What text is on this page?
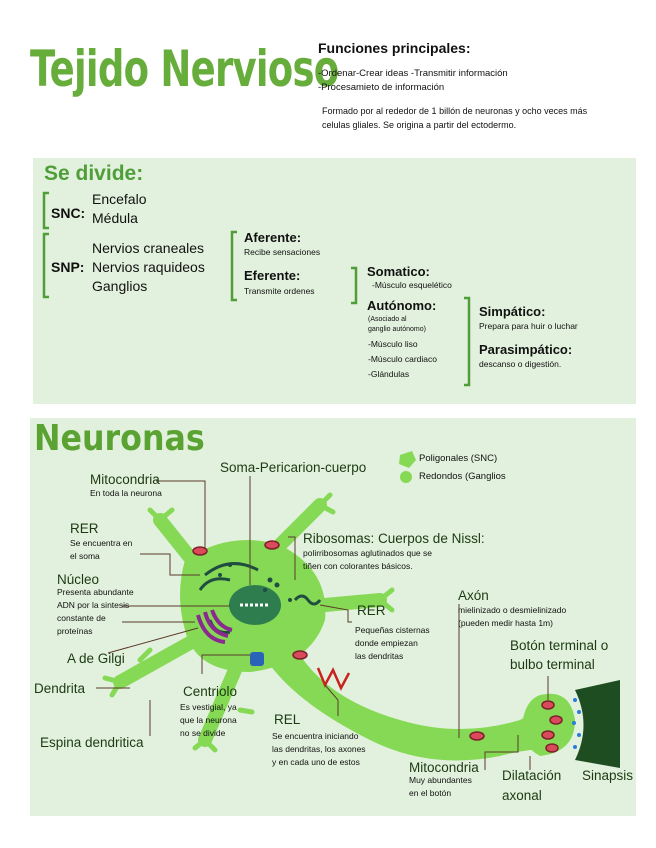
Tejido Nervioso
Funciones principales:
-Ordenar-Crear ideas -Transmitir información
-Procesamieto de información
Formado por al rededor de 1 billón de neuronas y ocho veces más celulas gliales. Se origina a partir del ectodermo.
Se divide:
SNC:
Encefalo
Médula
SNP:
Nervios craneales
Nervios raquideos
Ganglios
Aferente:
Recibe sensaciones
Eferente:
Transmite ordenes
Somatico:
-Músculo esquelético
Autónomo:
(Asociado al
ganglio autónomo)
-Músculo liso
-Músculo cardiaco
-Glándulas
Simpático:
Prepara para huir o luchar
Parasimpático:
descanso o digestión.
Neuronas	Poligonales (SNC)
Redondos (Ganglios
Soma-Pericarion-cuerpo
Mitocondria
En toda la neurona
RER
Se encuentra en
el soma
Núcleo
Presenta abundante
ADN por la sintesis
constante de
proteínas
A de Gilgi
Dendrita
Espina dendritica
Centriolo
Es vestigial, ya
que la neurona
no se divide
Ribosomas: Cuerpos de Nissl:
polirribosomas aglutinados que se
tiñen con colorantes básicos.
RER
Pequeñas cisternas
donde empiezan
las dendritas
REL
Se encuentra iniciando
las dendritas, los axones
y en cada uno de estos
Axón
mielinizado o desmielinizado
(pueden medir hasta 1m)
Botón terminal o
bulbo terminal
Mitocondria
Muy abundantes
en el botón
Dilatación
axonal
Sinapsis
